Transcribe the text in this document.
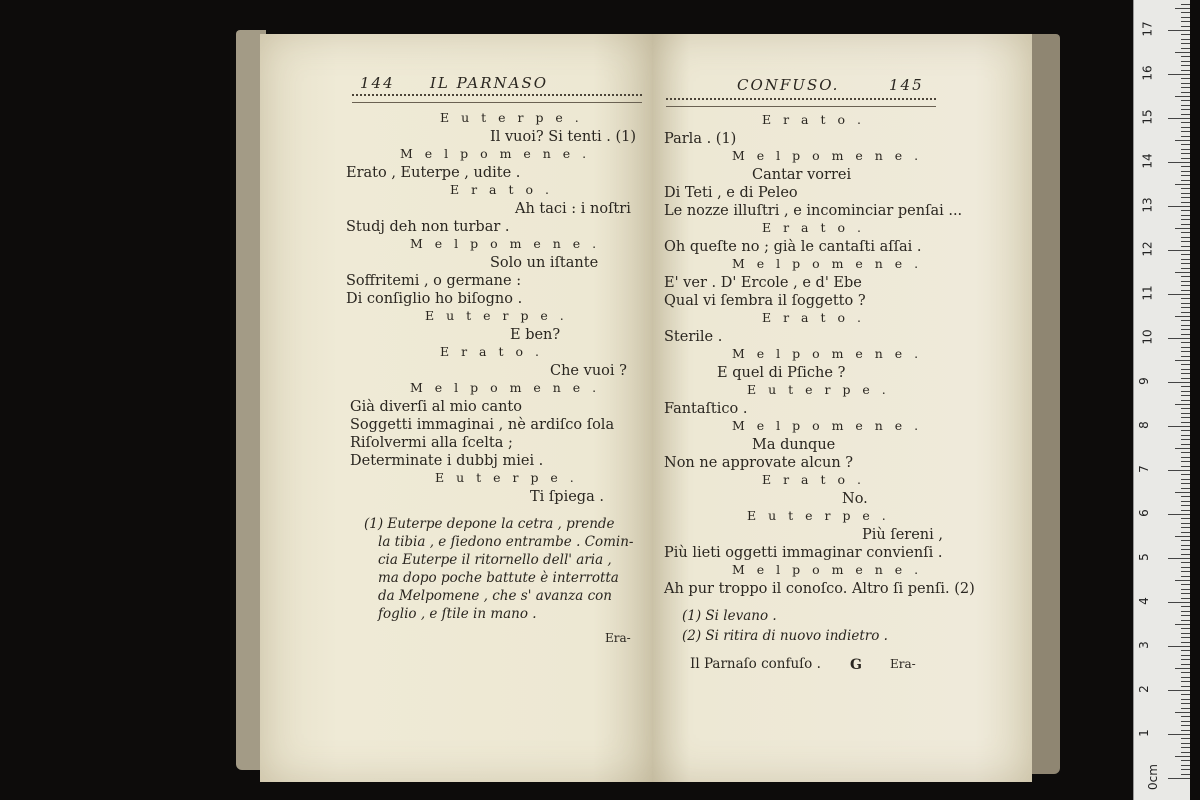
144 IL PARNASO
E u t e r p e .
Il vuoi? Si tenti . (1)
M e l p o m e n e .
Erato , Euterpe , udite .
E r a t o .
Ah taci : i noſtri
Studj deh non turbar .
M e l p o m e n e .
Solo un iſtante
Soffritemi , o germane :
Di conſiglio ho biſogno .
E u t e r p e .
E ben?
E r a t o .
Che vuoi ?
M e l p o m e n e .
Già diverſi al mio canto
Soggetti immaginai , nè ardiſco ſola
Riſolvermi alla ſcelta ;
Determinate i dubbj miei .
E u t e r p e .
Ti ſpiega .
(1) Euterpe depone la cetra , prende
la tibia , e ſiedono entrambe . Comin-
cia Euterpe il ritornello dell' aria ,
ma dopo poche battute è interrotta
da Melpomene , che s' avanza con
foglio , e ſtile in mano .
Era-
CONFUSO.	145
E r a t o .
Parla . (1)
M e l p o m e n e .
Cantar vorrei
Di Teti , e di Peleo
Le nozze illuſtri , e incominciar penſai ...
E r a t o .
Oh queſte no ; già le cantaſti aſſai .
M e l p o m e n e .
E' ver . D' Ercole , e d' Ebe
Qual vi ſembra il ſoggetto ?
E r a t o .
Sterile .
M e l p o m e n e .
E quel di Pſiche ?
E u t e r p e .
Fantaſtico .
M e l p o m e n e .
Ma dunque
Non ne approvate alcun ?
E r a t o .
No.
E u t e r p e .
Più ſereni ,
Più lieti oggetti immaginar convienſi .
M e l p o m e n e .
Ah pur troppo il conoſco. Altro ſi penſi. (2)
(1) Si levano .
(2) Si ritira di nuovo indietro .
Il Parnaſo confuſo . G Era-
0cm
1
2
3
4
5
6
7
8
9
10
11
12
13
14
15
16
17
